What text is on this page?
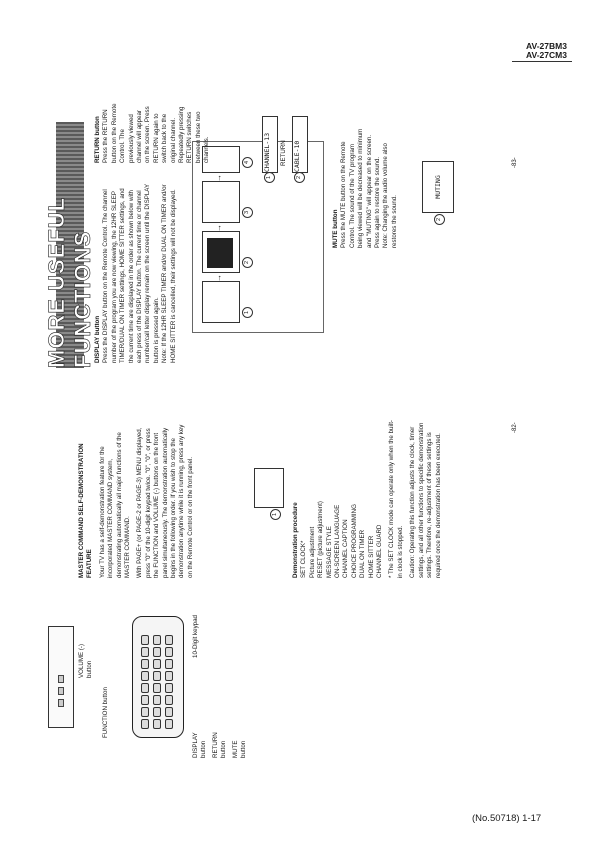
AV-27BM3
AV-27CM3
(No.50718) 1-17
FUNCTION button
VOLUME (-) button
DISPLAY button RETURN button MUTE button
10-Digit keypad
MASTER COMMAND SELF-DEMONSTRATION FEATURE Your TV has a self-demonstration feature for the incorporated MASTER COMMAND system, demonstrating automatically all major functions of the MASTER COMMAND. With PAGE+ (or PAGE-2 or PAGE-3) MENU displayed, press "0" of the 10-digit keypad twice. "0", "0", or press the FUNCTION and VOLUME (-) buttons on the front panel simultaneously. The demonstration automatically begins in the following order. If you wish to stop the demonstration anytime while it is running, press any key on the Remote Control or on the front panel.	1	Demonstration procedure SET CLOCK* Picture adjustment RESET (picture adjustment) MESSAGE STYLE ON-SCREEN LANGUAGE CHANNEL CAPTION CHOICE PROGRAMMING DUAL ON TIMER HOME SITTER CHANNEL GUARD * The SET CLOCK mode can operate only when the built-in clock is stopped. Caution: Operating this function adjusts the clock, timer settings, and all other functions to specific demonstration settings. Therefore, re-adjustment of these settings is required once the demonstration has been executed.
-82-
MORE USEFUL FUNCTIONS DISPLAY button Press the DISPLAY button on the Remote Control. The channel number of the program you are now viewing, the 12HR SLEEP TIMER/DUAL ON TIMER settings, HOME SITTER settings, and the current time are displayed in the order as shown below with each press of the DISPLAY button. The current time or channel number/call letter display remain on the screen until the DISPLAY button is pressed again. Note: If the 12HR SLEEP TIMER and/or DUAL ON TIMER and/or HOME SITTER is cancelled, their settings will not be displayed.	1
2
3
4
→
→
→
RETURN button Press the RETURN button on the Remote Control. The previously viewed channel will appear on the screen. Press RETURN again to switch back to the original channel. Repeatedly pressing RETURN switches between these two channels.	CHANNEL-13	RETURN CABLE-10
1	2
MUTE button Press the MUTE button on the Remote Control. The sound of the TV program being viewed will be decreased to minimum and "MUTING" will appear on the screen. Press again to restore the sound. Note: Changing the audio volume also restores the sound.
MUTING
2
-83-
